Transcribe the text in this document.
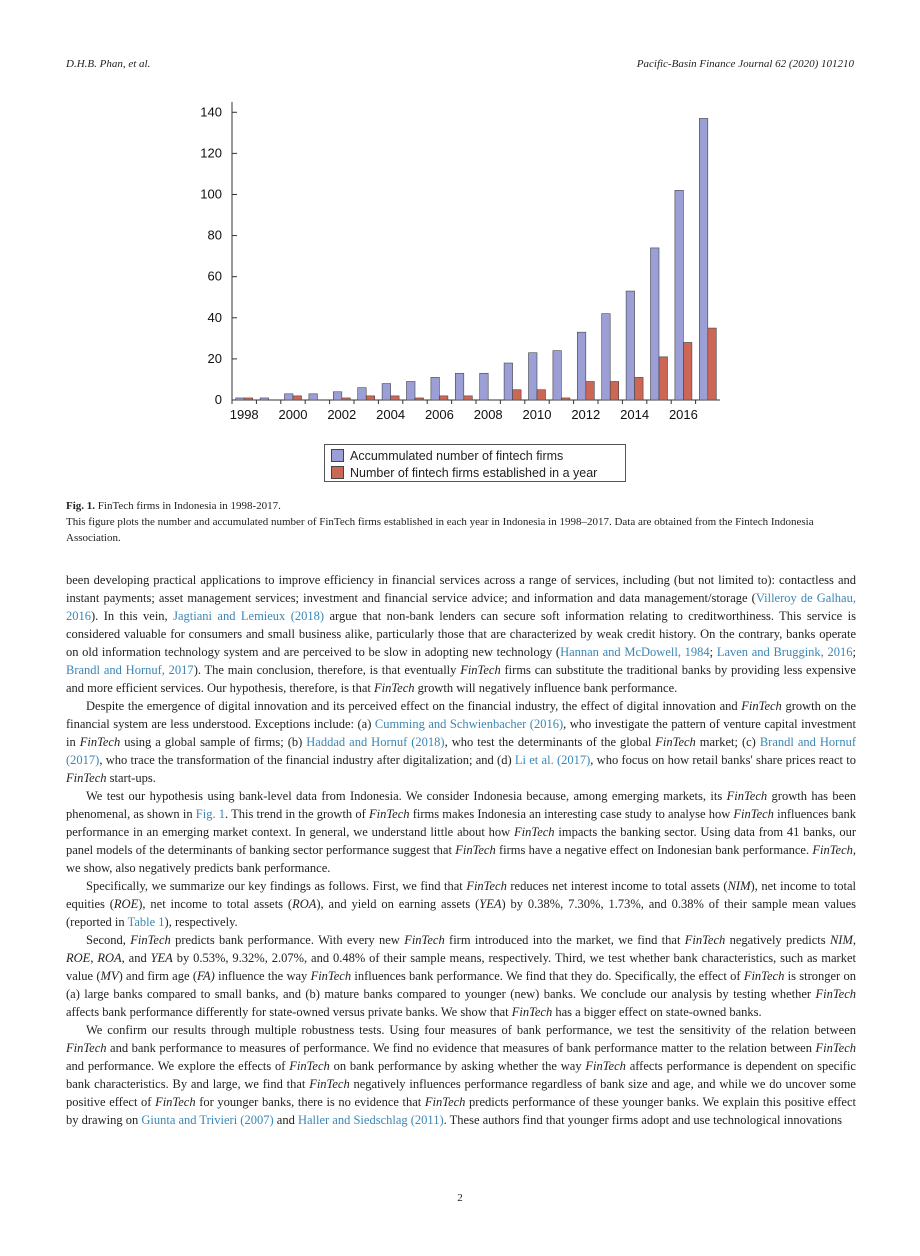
D.H.B. Phan, et al.	Pacific-Basin Finance Journal 62 (2020) 101210
0
20
40
60
80
100
120
140
1998 2000 2002 2004 2006 2008 2010 2012 2014 2016
Accummulated number of fintech firms
Number of fintech firms established in a year
Fig. 1. FinTech firms in Indonesia in 1998-2017.
This figure plots the number and accumulated number of FinTech firms established in each year in Indonesia in 1998–2017. Data are obtained from the Fintech Indonesia Association.

been developing practical applications to improve efficiency in financial services across a range of services, including (but not limited to): contactless and instant payments; asset management services; investment and financial service advice; and information and data management/storage (Villeroy de Galhau, 2016). In this vein, Jagtiani and Lemieux (2018) argue that non-bank lenders can secure soft information relating to creditworthiness. This service is considered valuable for consumers and small business alike, particularly those that are characterized by weak credit history. On the contrary, banks operate on old information technology system and are perceived to be slow in adopting new technology (Hannan and McDowell, 1984; Laven and Bruggink, 2016; Brandl and Hornuf, 2017). The main conclusion, therefore, is that eventually FinTech firms can substitute the traditional banks by providing less expensive and more efficient services. Our hypothesis, therefore, is that FinTech growth will negatively influence bank performance.

Despite the emergence of digital innovation and its perceived effect on the financial industry, the effect of digital innovation and FinTech growth on the financial system are less understood. Exceptions include: (a) Cumming and Schwienbacher (2016), who investigate the pattern of venture capital investment in FinTech using a global sample of firms; (b) Haddad and Hornuf (2018), who test the determinants of the global FinTech market; (c) Brandl and Hornuf (2017), who trace the transformation of the financial industry after digitalization; and (d) Li et al. (2017), who focus on how retail banks' share prices react to FinTech start-ups.

We test our hypothesis using bank-level data from Indonesia. We consider Indonesia because, among emerging markets, its FinTech growth has been phenomenal, as shown in Fig. 1. This trend in the growth of FinTech firms makes Indonesia an interesting case study to analyse how FinTech influences bank performance in an emerging market context. In general, we understand little about how FinTech impacts the banking sector. Using data from 41 banks, our panel models of the determinants of banking sector performance suggest that FinTech firms have a negative effect on Indonesian bank performance. FinTech, we show, also negatively predicts bank performance.

Specifically, we summarize our key findings as follows. First, we find that FinTech reduces net interest income to total assets (NIM), net income to total equities (ROE), net income to total assets (ROA), and yield on earning assets (YEA) by 0.38%, 7.30%, 1.73%, and 0.38% of their sample mean values (reported in Table 1), respectively.

Second, FinTech predicts bank performance. With every new FinTech firm introduced into the market, we find that FinTech negatively predicts NIM, ROE, ROA, and YEA by 0.53%, 9.32%, 2.07%, and 0.48% of their sample means, respectively. Third, we test whether bank characteristics, such as market value (MV) and firm age (FA) influence the way FinTech influences bank performance. We find that they do. Specifically, the effect of FinTech is stronger on (a) large banks compared to small banks, and (b) mature banks compared to younger (new) banks. We conclude our analysis by testing whether FinTech affects bank performance differently for state-owned versus private banks. We show that FinTech has a bigger effect on state-owned banks.

We confirm our results through multiple robustness tests. Using four measures of bank performance, we test the sensitivity of the relation between FinTech and bank performance to measures of performance. We find no evidence that measures of bank performance matter to the relation between FinTech and performance. We explore the effects of FinTech on bank performance by asking whether the way FinTech affects performance is dependent on specific bank characteristics. By and large, we find that FinTech negatively influences performance regardless of bank size and age, and while we do uncover some positive effect of FinTech for younger banks, there is no evidence that FinTech predicts performance of these younger banks. We explain this positive effect by drawing on Giunta and Trivieri (2007) and Haller and Siedschlag (2011). These authors find that younger firms adopt and use technological innovations

2
